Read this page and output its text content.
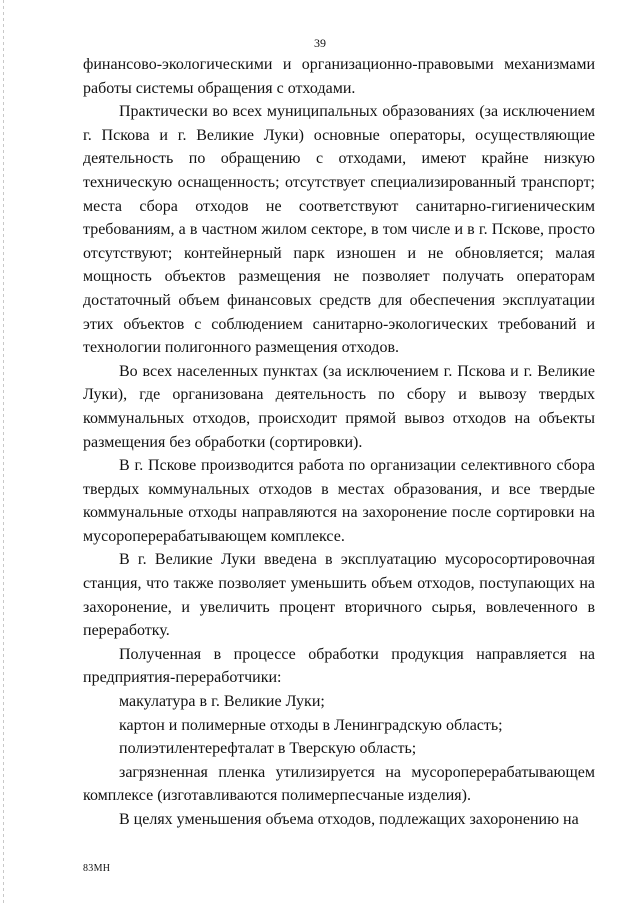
39

финансово-экологическими и организационно-правовыми механизмами работы системы обращения с отходами.

Практически во всех муниципальных образованиях (за исключением г. Пскова и г. Великие Луки) основные операторы, осуществляющие деятельность по обращению с отходами, имеют крайне низкую техническую оснащенность; отсутствует специализированный транспорт; места сбора отходов не соответствуют санитарно-гигиеническим требованиям, а в частном жилом секторе, в том числе и в г. Пскове, просто отсутствуют; контейнерный парк изношен и не обновляется; малая мощность объектов размещения не позволяет получать операторам достаточный объем финансовых средств для обеспечения эксплуатации этих объектов с соблюдением санитарно-экологических требований и технологии полигонного размещения отходов.

Во всех населенных пунктах (за исключением г. Пскова и г. Великие Луки), где организована деятельность по сбору и вывозу твердых коммунальных отходов, происходит прямой вывоз отходов на объекты размещения без обработки (сортировки).

В г. Пскове производится работа по организации селективного сбора твердых коммунальных отходов в местах образования, и все твердые коммунальные отходы направляются на захоронение после сортировки на мусороперерабатывающем комплексе.

В г. Великие Луки введена в эксплуатацию мусоросортировочная станция, что также позволяет уменьшить объем отходов, поступающих на захоронение, и увеличить процент вторичного сырья, вовлеченного в переработку.

Полученная в процессе обработки продукция направляется на предприятия-переработчики:

макулатура в г. Великие Луки;

картон и полимерные отходы в Ленинградскую область;

полиэтилентерефталат в Тверскую область;

загрязненная пленка утилизируется на мусороперерабатывающем комплексе (изготавливаются полимерпесчаные изделия).

В целях уменьшения объема отходов, подлежащих захоронению на

83МН
